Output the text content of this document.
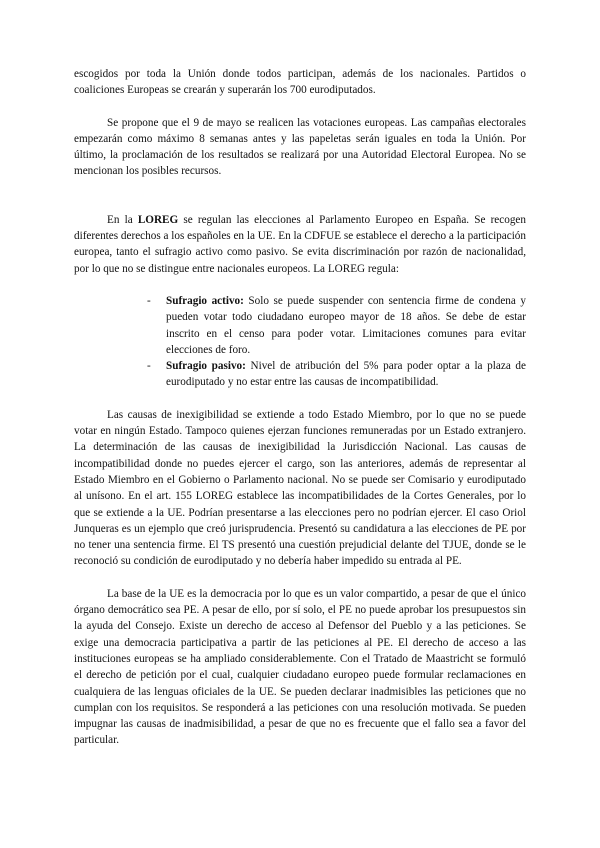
escogidos por toda la Unión donde todos participan, además de los nacionales. Partidos o coaliciones Europeas se crearán y superarán los 700 eurodiputados.

Se propone que el 9 de mayo se realicen las votaciones europeas. Las campañas electorales empezarán como máximo 8 semanas antes y las papeletas serán iguales en toda la Unión. Por último, la proclamación de los resultados se realizará por una Autoridad Electoral Europea. No se mencionan los posibles recursos.

En la LOREG se regulan las elecciones al Parlamento Europeo en España. Se recogen diferentes derechos a los españoles en la UE. En la CDFUE se establece el derecho a la participación europea, tanto el sufragio activo como pasivo. Se evita discriminación por razón de nacionalidad, por lo que no se distingue entre nacionales europeos. La LOREG regula:

- Sufragio activo: Solo se puede suspender con sentencia firme de condena y pueden votar todo ciudadano europeo mayor de 18 años. Se debe de estar inscrito en el censo para poder votar. Limitaciones comunes para evitar elecciones de foro.
- Sufragio pasivo: Nivel de atribución del 5% para poder optar a la plaza de eurodiputado y no estar entre las causas de incompatibilidad.

Las causas de inexigibilidad se extiende a todo Estado Miembro, por lo que no se puede votar en ningún Estado. Tampoco quienes ejerzan funciones remuneradas por un Estado extranjero. La determinación de las causas de inexigibilidad la Jurisdicción Nacional. Las causas de incompatibilidad donde no puedes ejercer el cargo, son las anteriores, además de representar al Estado Miembro en el Gobierno o Parlamento nacional. No se puede ser Comisario y eurodiputado al unísono. En el art. 155 LOREG establece las incompatibilidades de la Cortes Generales, por lo que se extiende a la UE. Podrían presentarse a las elecciones pero no podrían ejercer. El caso Oriol Junqueras es un ejemplo que creó jurisprudencia. Presentó su candidatura a las elecciones de PE por no tener una sentencia firme. El TS presentó una cuestión prejudicial delante del TJUE, donde se le reconoció su condición de eurodiputado y no debería haber impedido su entrada al PE.

La base de la UE es la democracia por lo que es un valor compartido, a pesar de que el único órgano democrático sea PE. A pesar de ello, por sí solo, el PE no puede aprobar los presupuestos sin la ayuda del Consejo. Existe un derecho de acceso al Defensor del Pueblo y a las peticiones. Se exige una democracia participativa a partir de las peticiones al PE. El derecho de acceso a las instituciones europeas se ha ampliado considerablemente. Con el Tratado de Maastricht se formuló el derecho de petición por el cual, cualquier ciudadano europeo puede formular reclamaciones en cualquiera de las lenguas oficiales de la UE. Se pueden declarar inadmisibles las peticiones que no cumplan con los requisitos. Se responderá a las peticiones con una resolución motivada. Se pueden impugnar las causas de inadmisibilidad, a pesar de que no es frecuente que el fallo sea a favor del particular.
